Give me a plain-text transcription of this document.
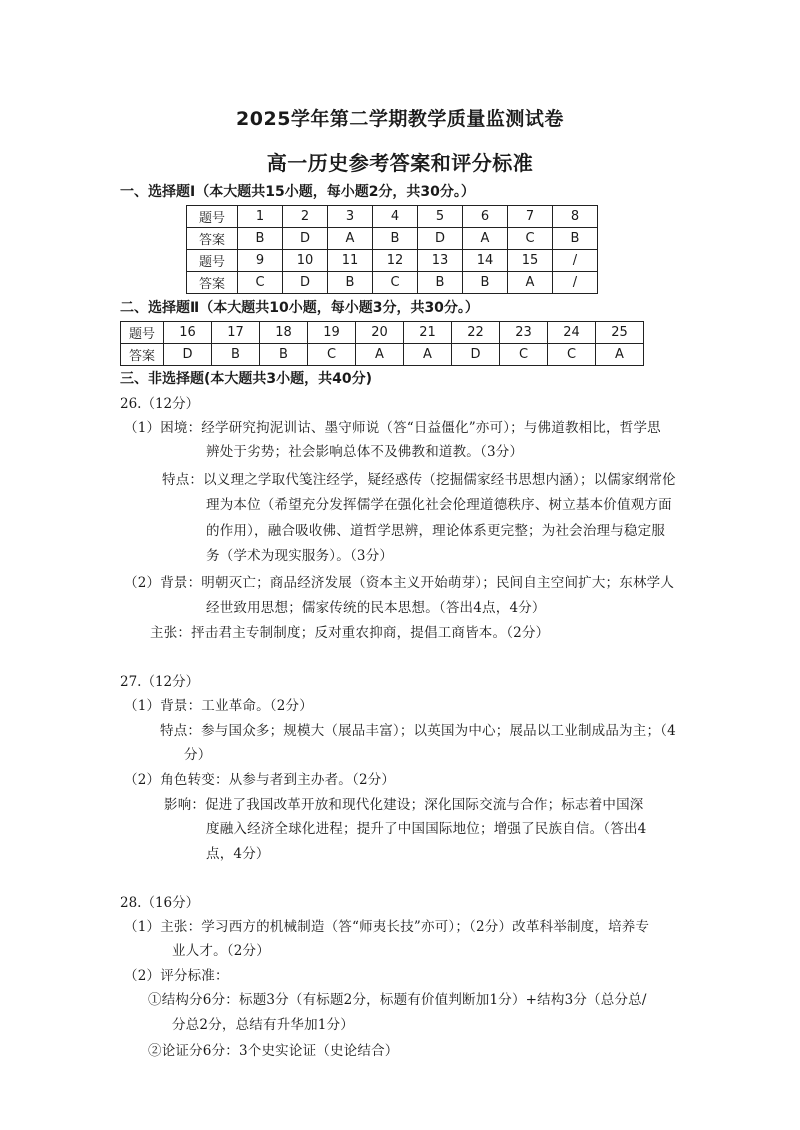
2025学年第二学期教学质量监测试卷
高一历史参考答案和评分标准
一、选择题Ⅰ（本大题共15小题，每小题2分，共30分。）
题号	1	2	3	4	5	6	7	8
答案	B	D	A	B	D	A	C	B
题号	9	10	11	12	13	14	15	/
答案	C	D	B	C	B	B	A	/
二、选择题Ⅱ（本大题共10小题，每小题3分，共30分。）
题号	16	17	18	19	20	21	22	23	24	25
答案	D	B	B	C	A	A	D	C	C	A
三、非选择题(本大题共3小题，共40分)
26.（12分）
（1）困境：经学研究拘泥训诂、墨守师说（答“日益僵化”亦可）；与佛道教相比，哲学思
辨处于劣势；社会影响总体不及佛教和道教。（3分）
特点：以义理之学取代笺注经学，疑经惑传（挖掘儒家经书思想内涵）；以儒家纲常伦
理为本位（希望充分发挥儒学在强化社会伦理道德秩序、树立基本价值观方面
的作用），融合吸收佛、道哲学思辨，理论体系更完整；为社会治理与稳定服
务（学术为现实服务）。（3分）
（2）背景：明朝灭亡；商品经济发展（资本主义开始萌芽）；民间自主空间扩大；东林学人
经世致用思想；儒家传统的民本思想。（答出4点，4分）
主张：抨击君主专制制度；反对重农抑商，提倡工商皆本。（2分）
27.（12分）
（1）背景：工业革命。（2分）
特点：参与国众多；规模大（展品丰富）；以英国为中心；展品以工业制成品为主；（4
分）
（2）角色转变：从参与者到主办者。（2分）
影响：促进了我国改革开放和现代化建设；深化国际交流与合作；标志着中国深
度融入经济全球化进程；提升了中国国际地位；增强了民族自信。（答出4
点，4分）
28.（16分）
（1）主张：学习西方的机械制造（答“师夷长技”亦可）；（2分）改革科举制度，培养专
业人才。（2分）
（2）评分标准：
①结构分6分：标题3分（有标题2分，标题有价值判断加1分）+结构3分（总分总/
分总2分，总结有升华加1分）
②论证分6分：3个史实论证（史论结合）
